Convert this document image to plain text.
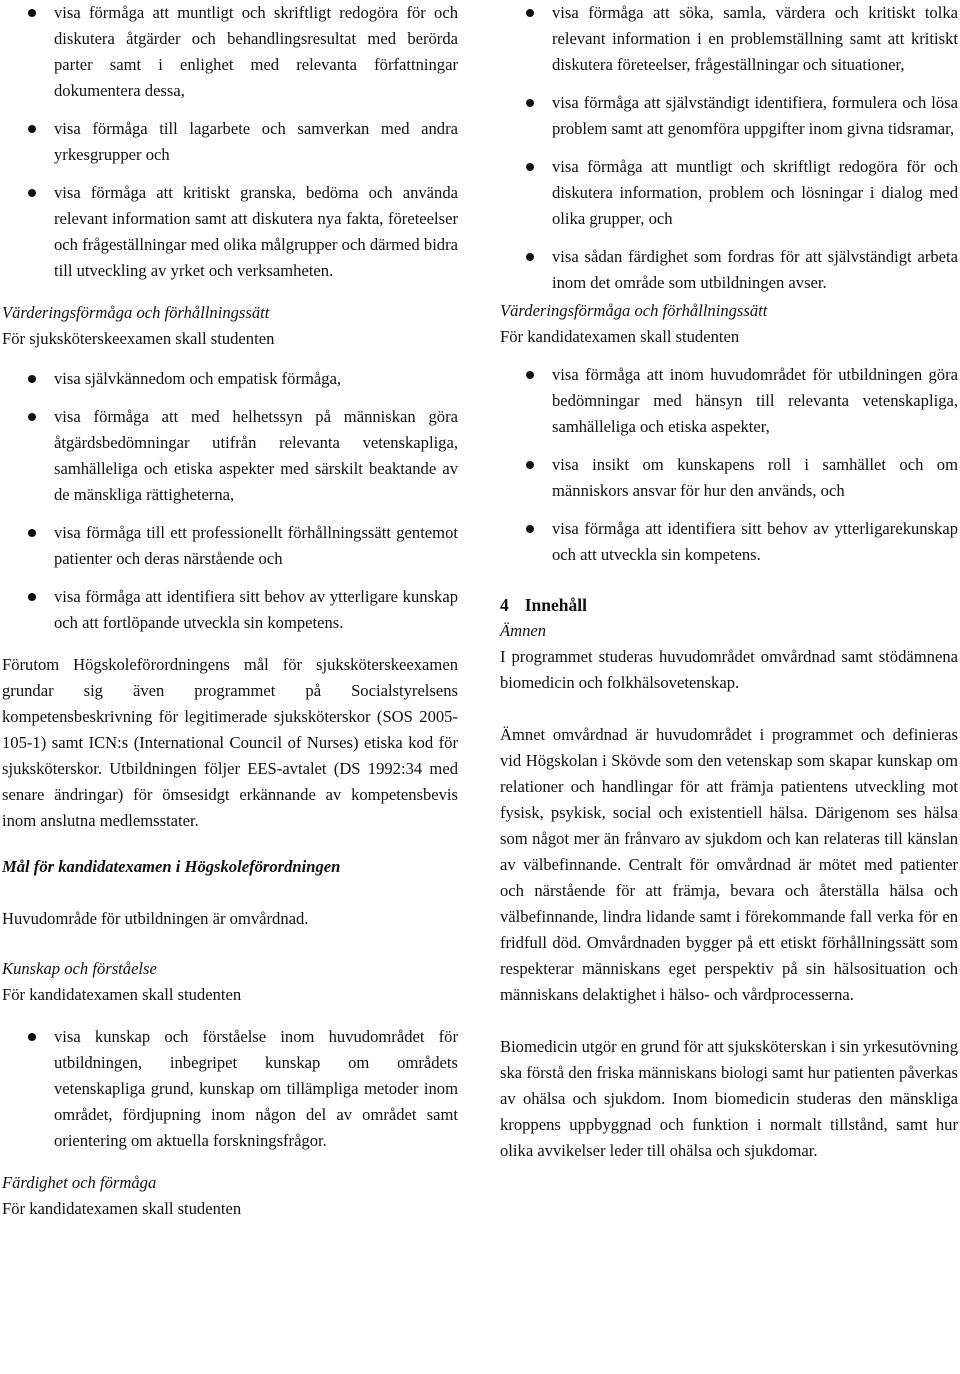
visa förmåga att muntligt och skriftligt redogöra för och diskutera åtgärder och behandlingsresultat med berörda parter samt i enlighet med relevanta författningar dokumentera dessa,
visa förmåga till lagarbete och samverkan med andra yrkesgrupper och
visa förmåga att kritiskt granska, bedöma och använda relevant information samt att diskutera nya fakta, företeelser och frågeställningar med olika målgrupper och därmed bidra till utveckling av yrket och verksamheten.

Värderingsförmåga och förhållningssätt

För sjuksköterskeexamen skall studenten

visa självkännedom och empatisk förmåga,
visa förmåga att med helhetssyn på människan göra åtgärdsbedömningar utifrån relevanta vetenskapliga, samhälleliga och etiska aspekter med särskilt beaktande av de mänskliga rättigheterna,
visa förmåga till ett professionellt förhållningssätt gentemot patienter och deras närstående och
visa förmåga att identifiera sitt behov av ytterligare kunskap och att fortlöpande utveckla sin kompetens.

Förutom Högskoleförordningens mål för sjuksköterskeexamen grundar sig även programmet på Socialstyrelsens kompetensbeskrivning för legitimerade sjuksköterskor (SOS 2005-105-1) samt ICN:s (International Council of Nurses) etiska kod för sjuksköterskor. Utbildningen följer EES-avtalet (DS 1992:34 med senare ändringar) för ömsesidgt erkännande av kompetensbevis inom anslutna medlemsstater.

Mål för kandidatexamen i Högskoleförordningen

Huvudområde för utbildningen är omvårdnad.

Kunskap och förståelse

För kandidatexamen skall studenten

visa kunskap och förståelse inom huvudområdet för utbildningen, inbegripet kunskap om områdets vetenskapliga grund, kunskap om tillämpliga metoder inom området, fördjupning inom någon del av området samt orientering om aktuella forskningsfrågor.

Färdighet och förmåga

För kandidatexamen skall studenten

visa förmåga att söka, samla, värdera och kritiskt tolka relevant information i en problemställning samt att kritiskt diskutera företeelser, frågeställningar och situationer,
visa förmåga att självständigt identifiera, formulera och lösa problem samt att genomföra uppgifter inom givna tidsramar,
visa förmåga att muntligt och skriftligt redogöra för och diskutera information, problem och lösningar i dialog med olika grupper, och
visa sådan färdighet som fordras för att självständigt arbeta inom det område som utbildningen avser.

Värderingsförmåga och förhållningssätt

För kandidatexamen skall studenten

visa förmåga att inom huvudområdet för utbildningen göra bedömningar med hänsyn till relevanta vetenskapliga, samhälleliga och etiska aspekter,
visa insikt om kunskapens roll i samhället och om människors ansvar för hur den används, och
visa förmåga att identifiera sitt behov av ytterligarekunskap och att utveckla sin kompetens.

4 Innehåll

Ämnen

I programmet studeras huvudområdet omvårdnad samt stödämnena biomedicin och folkhälsovetenskap.

Ämnet omvårdnad är huvudområdet i programmet och definieras vid Högskolan i Skövde som den vetenskap som skapar kunskap om relationer och handlingar för att främja patientens utveckling mot fysisk, psykisk, social och existentiell hälsa. Därigenom ses hälsa som något mer än frånvaro av sjukdom och kan relateras till känslan av välbefinnande. Centralt för omvårdnad är mötet med patienter och närstående för att främja, bevara och återställa hälsa och välbefinnande, lindra lidande samt i förekommande fall verka för en fridfull död. Omvårdnaden bygger på ett etiskt förhållningssätt som respekterar människans eget perspektiv på sin hälsosituation och människans delaktighet i hälso- och vårdprocesserna.

Biomedicin utgör en grund för att sjuksköterskan i sin yrkesutövning ska förstå den friska människans biologi samt hur patienten påverkas av ohälsa och sjukdom. Inom biomedicin studeras den mänskliga kroppens uppbyggnad och funktion i normalt tillstånd, samt hur olika avvikelser leder till ohälsa och sjukdomar.
